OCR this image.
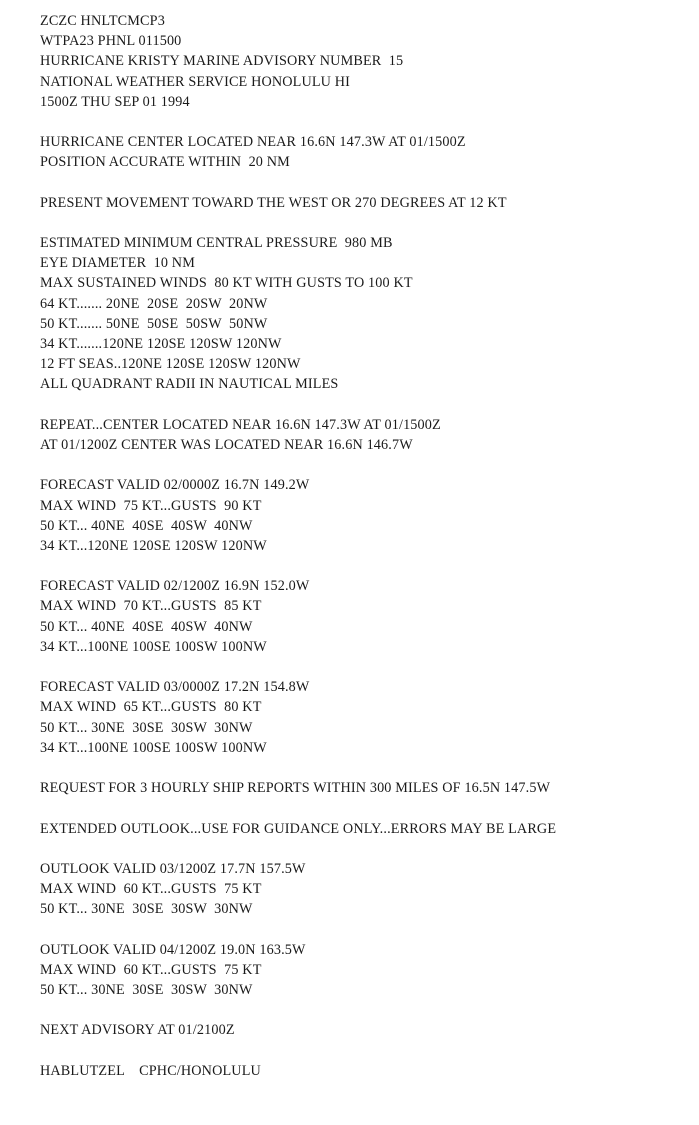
ZCZC HNLTCMCP3
WTPA23 PHNL 011500
HURRICANE KRISTY MARINE ADVISORY NUMBER  15
NATIONAL WEATHER SERVICE HONOLULU HI
1500Z THU SEP 01 1994
HURRICANE CENTER LOCATED NEAR 16.6N 147.3W AT 01/1500Z
POSITION ACCURATE WITHIN  20 NM
PRESENT MOVEMENT TOWARD THE WEST OR 270 DEGREES AT 12 KT
ESTIMATED MINIMUM CENTRAL PRESSURE  980 MB
EYE DIAMETER  10 NM
MAX SUSTAINED WINDS  80 KT WITH GUSTS TO 100 KT
64 KT....... 20NE  20SE  20SW  20NW
50 KT....... 50NE  50SE  50SW  50NW
34 KT.......120NE 120SE 120SW 120NW
12 FT SEAS..120NE 120SE 120SW 120NW
ALL QUADRANT RADII IN NAUTICAL MILES
REPEAT...CENTER LOCATED NEAR 16.6N 147.3W AT 01/1500Z
AT 01/1200Z CENTER WAS LOCATED NEAR 16.6N 146.7W
FORECAST VALID 02/0000Z 16.7N 149.2W
MAX WIND  75 KT...GUSTS  90 KT
50 KT... 40NE  40SE  40SW  40NW
34 KT...120NE 120SE 120SW 120NW
FORECAST VALID 02/1200Z 16.9N 152.0W
MAX WIND  70 KT...GUSTS  85 KT
50 KT... 40NE  40SE  40SW  40NW
34 KT...100NE 100SE 100SW 100NW
FORECAST VALID 03/0000Z 17.2N 154.8W
MAX WIND  65 KT...GUSTS  80 KT
50 KT... 30NE  30SE  30SW  30NW
34 KT...100NE 100SE 100SW 100NW
REQUEST FOR 3 HOURLY SHIP REPORTS WITHIN 300 MILES OF 16.5N 147.5W
EXTENDED OUTLOOK...USE FOR GUIDANCE ONLY...ERRORS MAY BE LARGE
OUTLOOK VALID 03/1200Z 17.7N 157.5W
MAX WIND  60 KT...GUSTS  75 KT
50 KT... 30NE  30SE  30SW  30NW
OUTLOOK VALID 04/1200Z 19.0N 163.5W
MAX WIND  60 KT...GUSTS  75 KT
50 KT... 30NE  30SE  30SW  30NW
NEXT ADVISORY AT 01/2100Z
HABLUTZEL    CPHC/HONOLULU
